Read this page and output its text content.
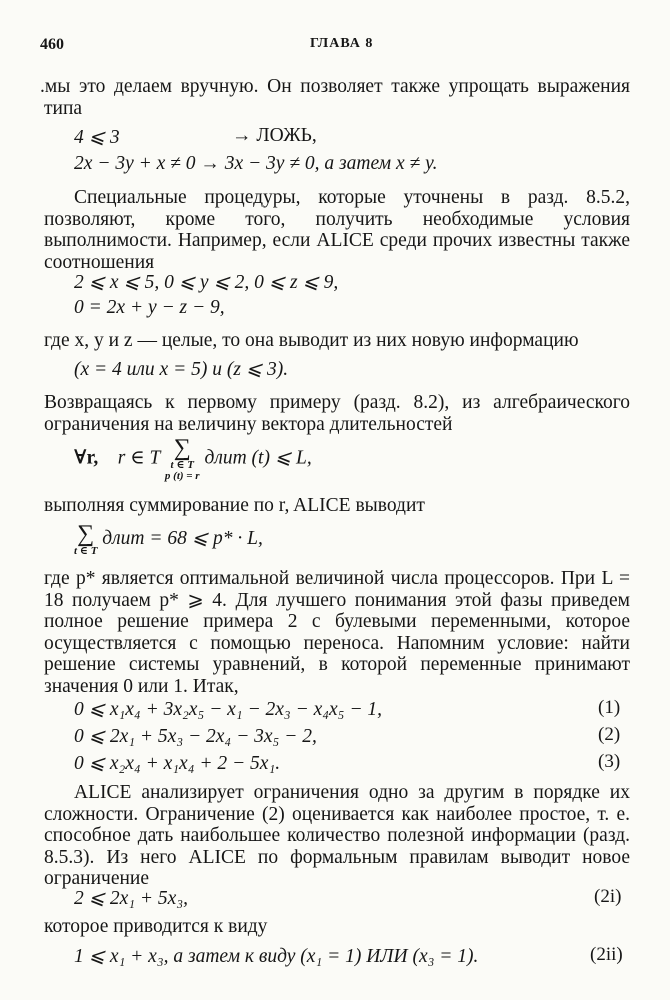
460	ГЛАВА 8
.мы это делаем вручную. Он позволяет также упрощать выражения типа
4 ⩽ 3	→ ЛОЖЬ,
2x − 3y + x ≠ 0 → 3x − 3y ≠ 0, а затем x ≠ y.
Специальные процедуры, которые уточнены в разд. 8.5.2, позволяют, кроме того, получить необходимые условия выполнимости. Например, если ALICE среди прочих известны также соотношения
2 ⩽ x ⩽ 5, 0 ⩽ y ⩽ 2, 0 ⩽ z ⩽ 9,
0 = 2x + y − z − 9,
где x, y и z — целые, то она выводит из них новую информацию
(x = 4 или x = 5) и (z ⩽ 3).
Возвращаясь к первому примеру (разд. 8.2), из алгебраического ограничения на величину вектора длительностей
∀r, r ∈ T ∑
t ∈ T
p (t) = r
длит (t) ⩽ L,
выполняя суммирование по r, ALICE выводит
∑
t ∈ T
длит = 68 ⩽ p* · L,
где p* является оптимальной величиной числа процессоров. При L = 18 получаем p* ⩾ 4. Для лучшего понимания этой фазы приведем полное решение примера 2 с булевыми переменными, которое осуществляется с помощью переноса. Напомним условие: найти решение системы уравнений, в которой переменные принимают значения 0 или 1. Итак,
0 ⩽ x₁x₄ + 3x₂x₅ − x₁ − 2x₃ − x₄x₅ − 1,	(1)
0 ⩽ 2x₁ + 5x₃ − 2x₄ − 3x₅ − 2,	(2)
0 ⩽ x₂x₄ + x₁x₄ + 2 − 5x₁.	(3)
ALICE анализирует ограничения одно за другим в порядке их сложности. Ограничение (2) оценивается как наиболее простое, т. е. способное дать наибольшее количество полезной информации (разд. 8.5.3). Из него ALICE по формальным правилам выводит новое ограничение
2 ⩽ 2x₁ + 5x₃,	(2i)
которое приводится к виду
1 ⩽ x₁ + x₃, а затем к виду (x₁ = 1) ИЛИ (x₃ = 1).	(2ii)
